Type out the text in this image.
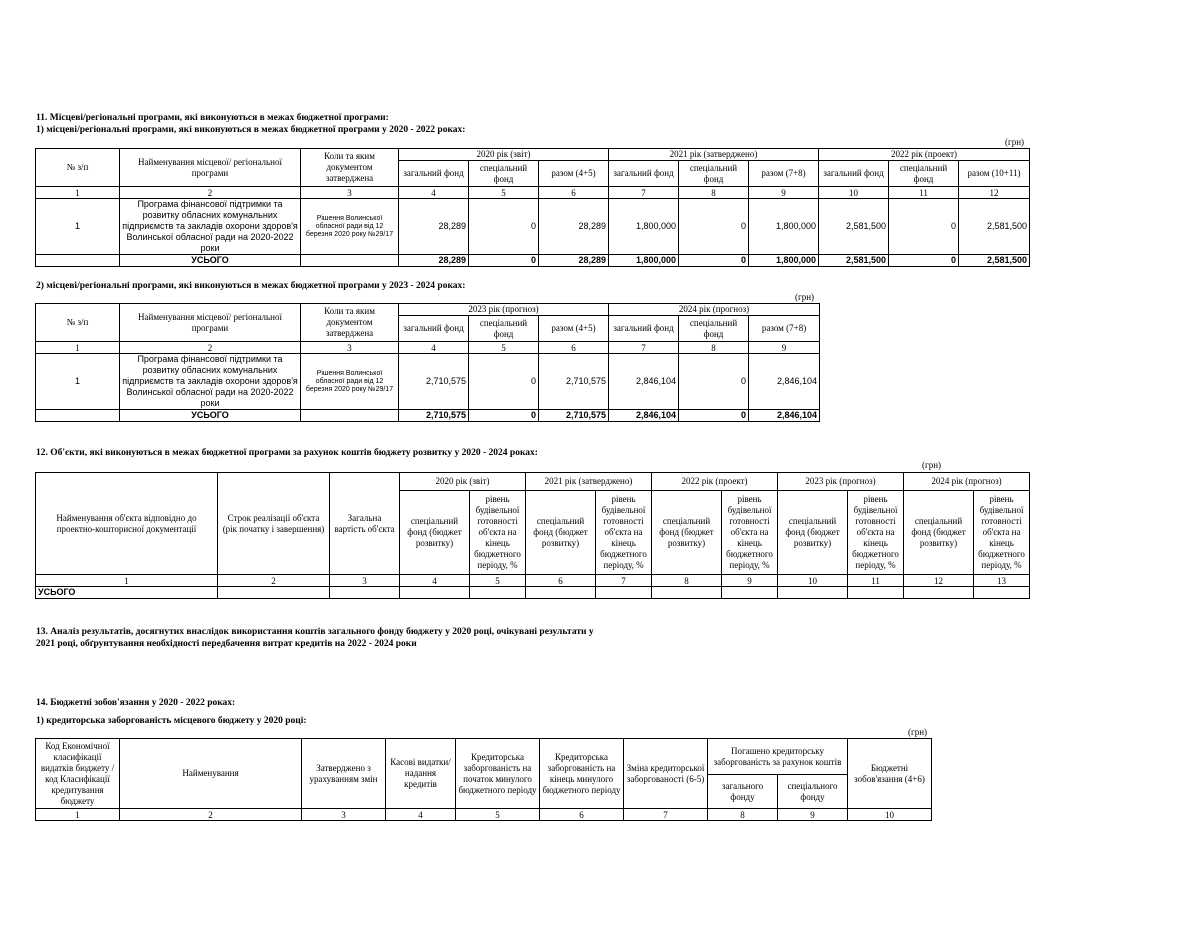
11. Місцеві/регіональні програми, які виконуються в межах бюджетної програми:
1) місцеві/регіональні програми, які виконуються в межах бюджетної програми у 2020 - 2022 роках:
(грн)
№ з/п	Найменування місцевої/ регіональної програми	Коли та яким документом затверджена	2020 рік (звіт)			2021 рік (затверджено)			2022 рік (проект)		
			загальний фонд	спеціальний фонд	разом (4+5)	загальний фонд	спеціальний фонд	разом (7+8)	загальний фонд	спеціальний фонд	разом (10+11)
1	2	3	4	5	6	7	8	9	10	11	12
1	Програма фінансової підтримки та розвитку обласних комунальних підприємств та закладів охорони здоров'я Волинської обласної ради на 2020-2022 роки	Рішення Волинської обласної ради від 12 березня 2020 року №29/17	28,289	0	28,289	1,800,000	0	1,800,000	2,581,500	0	2,581,500
	УСЬОГО		28,289	0	28,289	1,800,000	0	1,800,000	2,581,500	0	2,581,500
2) місцеві/регіональні програми, які виконуються в межах бюджетної програми у 2023 - 2024 роках:
(грн)
№ з/п	Найменування місцевої/ регіональної програми	Коли та яким документом затверджена	2023 рік (прогноз)			2024 рік (прогноз)		
			загальний фонд	спеціальний фонд	разом (4+5)	загальний фонд	спеціальний фонд	разом (7+8)
1	2	3	4	5	6	7	8	9
1	Програма фінансової підтримки та розвитку обласних комунальних підприємств та закладів охорони здоров'я Волинської обласної ради на 2020-2022 роки	Рішення Волинської обласної ради від 12 березня 2020 року №29/17	2,710,575	0	2,710,575	2,846,104	0	2,846,104
	УСЬОГО		2,710,575	0	2,710,575	2,846,104	0	2,846,104
12. Об'єкти, які виконуються в межах бюджетної програми за рахунок коштів бюджету розвитку у 2020 - 2024 роках:
(грн)
Найменування об'єкта відповідно до проектно-кошторисної документації	Строк реалізації об'єкта (рік початку і завершення)	Загальна вартість об'єкта	2020 рік (звіт)		2021 рік (затверджено)		2022 рік (проект)		2023 рік (прогноз)		2024 рік (прогноз)	
			спеціальний фонд (бюджет розвитку)	рівень будівельної готовності об'єкта на кінець бюджетного періоду, %	спеціальний фонд (бюджет розвитку)	рівень будівельної готовності об'єкта на кінець бюджетного періоду, %	спеціальний фонд (бюджет розвитку)	рівень будівельної готовності об'єкта на кінець бюджетного періоду, %	спеціальний фонд (бюджет розвитку)	рівень будівельної готовності об'єкта на кінець бюджетного періоду, %	спеціальний фонд (бюджет розвитку)	рівень будівельної готовності об'єкта на кінець бюджетного періоду, %
1	2	3	4	5	6	7	8	9	10	11	12	13
УСЬОГО												
13. Аналіз результатів, досягнутих внаслідок використання коштів загального фонду бюджету у 2020 році, очікувані результати у
2021 році, обґрунтування необхідності передбачення витрат кредитів на 2022 - 2024 роки
14. Бюджетні зобов'язання у 2020 - 2022 роках:
1) кредиторська заборгованість місцевого бюджету у 2020 році:
(грн)
Код Економічної класифікації видатків бюджету / код Класифікації кредитування бюджету	Найменування	Затверджено з урахуванням змін	Касові видатки/ надання кредитів	Кредиторська заборгованість на початок минулого бюджетного періоду	Кредиторська заборгованість на кінець минулого бюджетного періоду	Зміна кредиторської заборгованості (6-5)	Погашено кредиторську заборгованість за рахунок коштів		Бюджетні зобов'язання (4+6)
							загального фонду	спеціального фонду	
1	2	3	4	5	6	7	8	9	10
